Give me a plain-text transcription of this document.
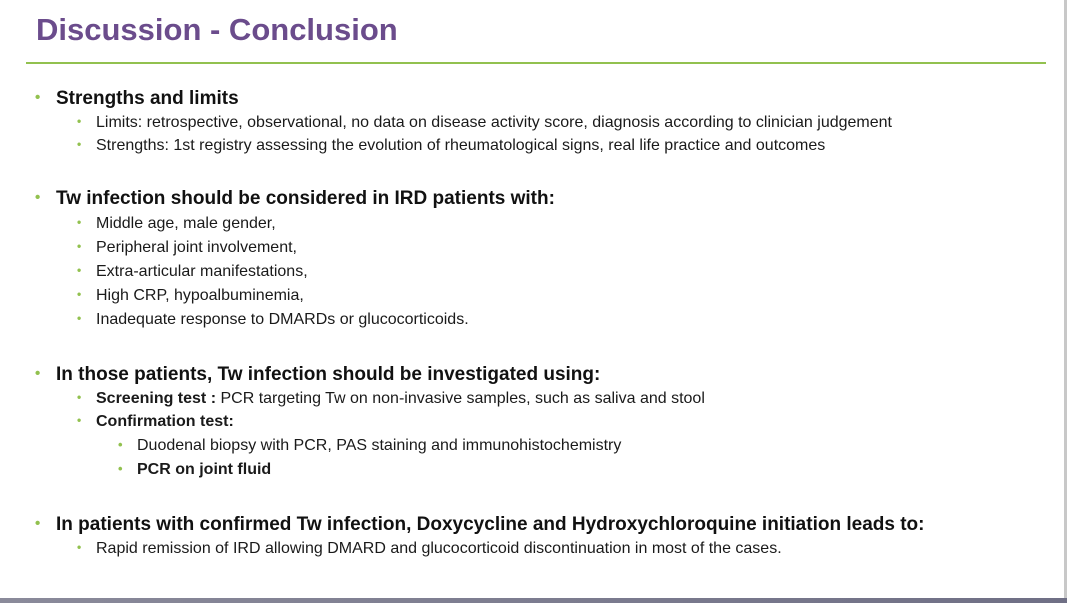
Discussion - Conclusion
• Strengths and limits
• Limits: retrospective, observational, no data on disease activity score, diagnosis according to clinician judgement
• Strengths: 1st registry assessing the evolution of rheumatological signs, real life practice and outcomes
• Tw infection should be considered in IRD patients with:
• Middle age, male gender,
• Peripheral joint involvement,
• Extra-articular manifestations,
• High CRP, hypoalbuminemia,
• Inadequate response to DMARDs or glucocorticoids.
• In those patients, Tw infection should be investigated using:
• Screening test : PCR targeting Tw on non-invasive samples, such as saliva and stool
• Confirmation test:
• Duodenal biopsy with PCR, PAS staining and immunohistochemistry
• PCR on joint fluid
• In patients with confirmed Tw infection, Doxycycline and Hydroxychloroquine initiation leads to:
• Rapid remission of IRD allowing DMARD and glucocorticoid discontinuation in most of the cases.
